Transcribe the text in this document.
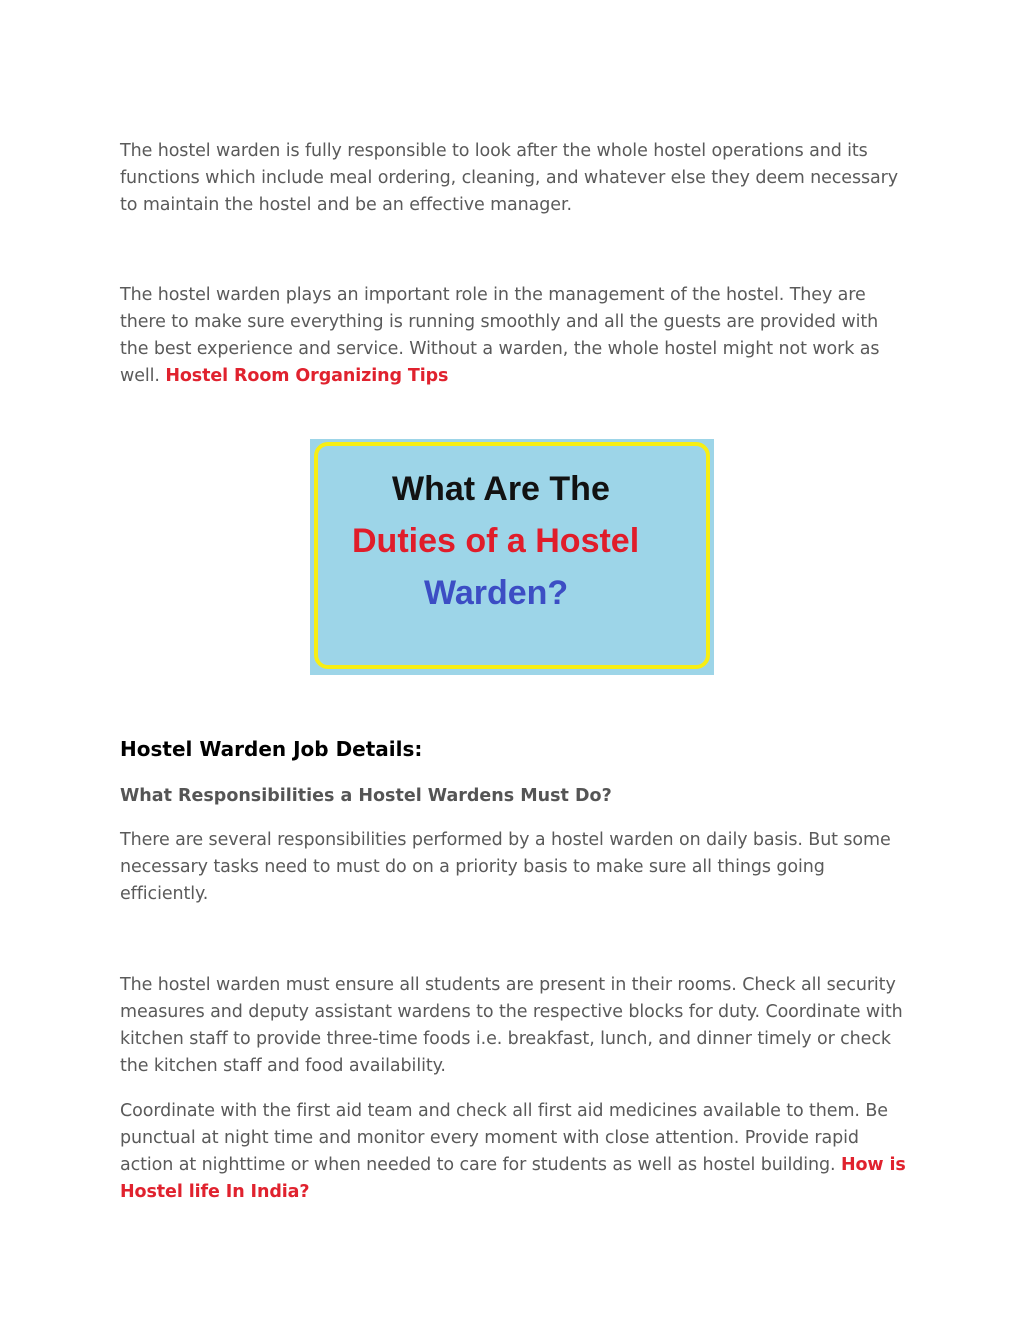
The hostel warden is fully responsible to look after the whole hostel operations and its functions which include meal ordering, cleaning, and whatever else they deem necessary to maintain the hostel and be an effective manager.

The hostel warden plays an important role in the management of the hostel. They are there to make sure everything is running smoothly and all the guests are provided with the best experience and service. Without a warden, the whole hostel might not work as well. Hostel Room Organizing Tips

What Are The
Duties of a Hostel
Warden?
Hostel Warden Job Details:
What Responsibilities a Hostel Wardens Must Do?

There are several responsibilities performed by a hostel warden on daily basis. But some necessary tasks need to must do on a priority basis to make sure all things going efficiently.

The hostel warden must ensure all students are present in their rooms. Check all security measures and deputy assistant wardens to the respective blocks for duty. Coordinate with kitchen staff to provide three-time foods i.e. breakfast, lunch, and dinner timely or check the kitchen staff and food availability.

Coordinate with the first aid team and check all first aid medicines available to them. Be punctual at night time and monitor every moment with close attention. Provide rapid action at nighttime or when needed to care for students as well as hostel building. How is Hostel life In India?
